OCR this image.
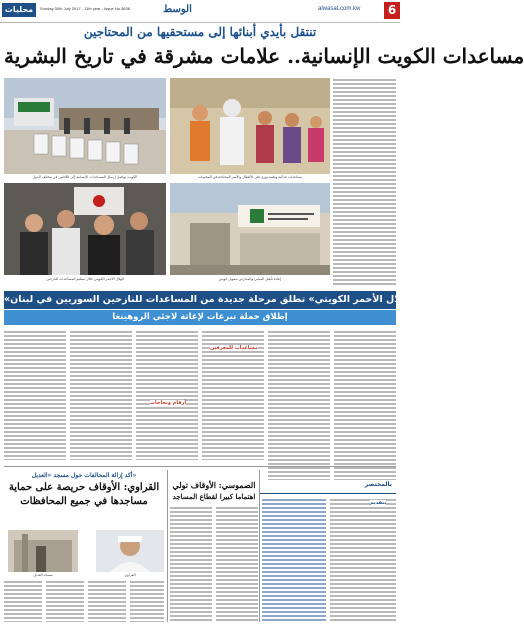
محليات	Sunday 30th July 2017 - 11th year - Issue No.3636	الوسط	alwasat.com.kw	6
تنتقل بأيدي أبنائها إلى مستحقيها من المحتاجين
مساعدات الكويت الإنسانية.. علامات مشرقة في تاريخ البشرية
الكويت تواصل إرسال المساعدات الإنسانية إلى اللاجئين في مختلف الدول	مساعدات غذائية وطبية توزع على الأطفال والأسر المحتاجة في المخيمات
الهلال الأحمر الكويتي خلال تسليم المساعدات للنازحين	إعادة تأهيل المباني والمدارس بتمويل كويتي
«الهلال الأحمر الكويتي» تطلق مرحلة جديدة من المساعدات للنازحين السوريين في لبنان
إطلاق حملة تبرعات لإغاثة لاجئي الروهينغا
مساعدات للمعرفين
أرقام ونجاحات
أكد إزالة المخالفات حول مسجد «العديل»
القراوي: الأوقاف حريصة على حماية
مساجدها في جميع المحافظات
مسجد العديل	القراوي
الصموسي: الأوقاف تولي
اهتماما كبيرا لقطاع المساجد
بالمختصر
بتقديم
